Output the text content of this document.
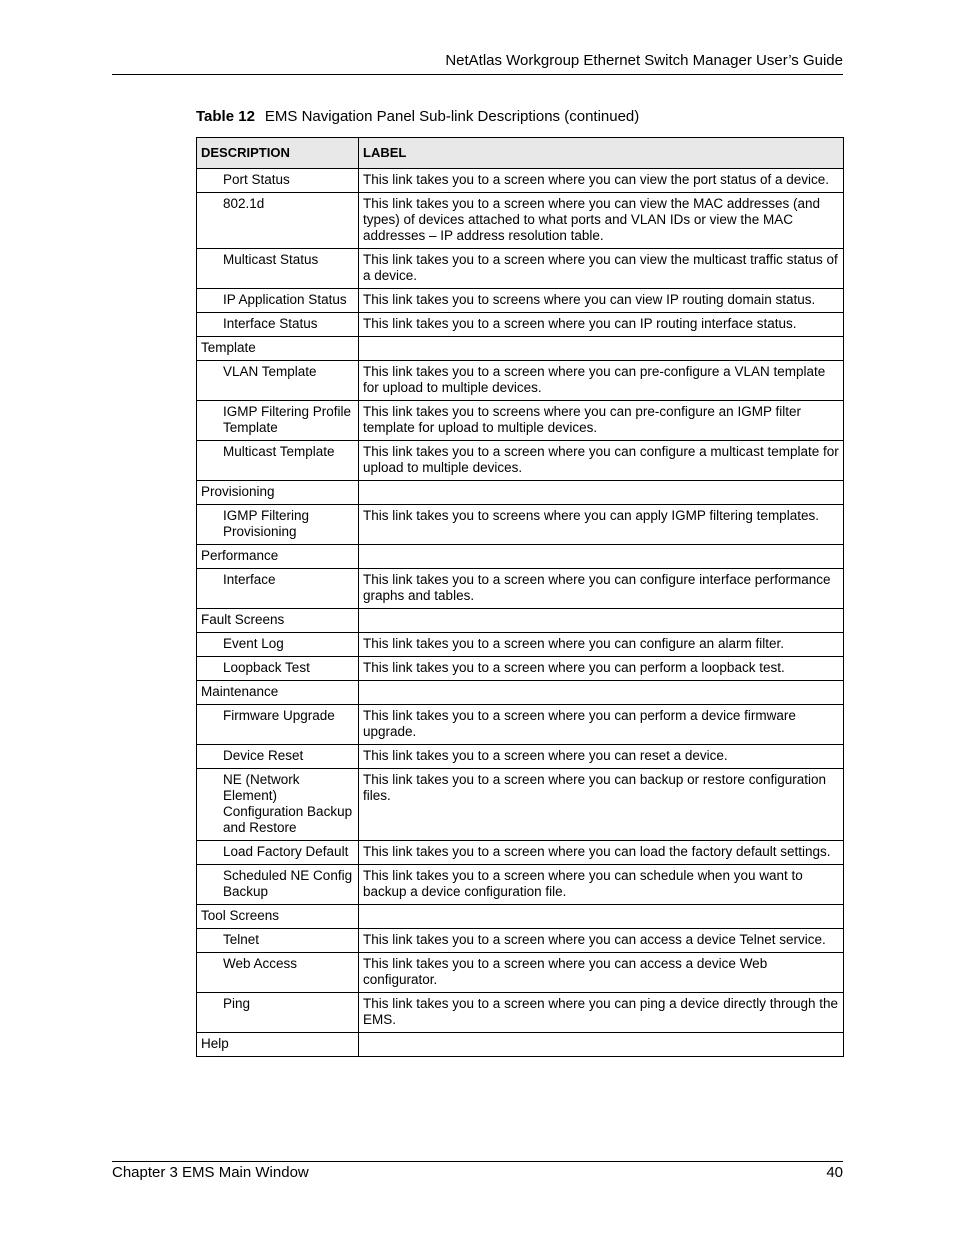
NetAtlas Workgroup Ethernet Switch Manager User’s Guide
Table 12 EMS Navigation Panel Sub-link Descriptions (continued)
DESCRIPTION	LABEL
Port Status	This link takes you to a screen where you can view the port status of a device.
802.1d	This link takes you to a screen where you can view the MAC addresses (and types) of devices attached to what ports and VLAN IDs or view the MAC addresses – IP address resolution table.
Multicast Status	This link takes you to a screen where you can view the multicast traffic status of a device.
IP Application Status	This link takes you to screens where you can view IP routing domain status.
Interface Status	This link takes you to a screen where you can IP routing interface status.
Template	
VLAN Template	This link takes you to a screen where you can pre-configure a VLAN template for upload to multiple devices.
IGMP Filtering Profile Template	This link takes you to screens where you can pre-configure an IGMP filter template for upload to multiple devices.
Multicast Template	This link takes you to a screen where you can configure a multicast template for upload to multiple devices.
Provisioning	
IGMP Filtering Provisioning	This link takes you to screens where you can apply IGMP filtering templates.
Performance	
Interface	This link takes you to a screen where you can configure interface performance graphs and tables.
Fault Screens	
Event Log	This link takes you to a screen where you can configure an alarm filter.
Loopback Test	This link takes you to a screen where you can perform a loopback test.
Maintenance	
Firmware Upgrade	This link takes you to a screen where you can perform a device firmware upgrade.
Device Reset	This link takes you to a screen where you can reset a device.
NE (Network Element) Configuration Backup and Restore	This link takes you to a screen where you can backup or restore configuration files.
Load Factory Default	This link takes you to a screen where you can load the factory default settings.
Scheduled NE Config Backup	This link takes you to a screen where you can schedule when you want to backup a device configuration file.
Tool Screens	
Telnet	This link takes you to a screen where you can access a device Telnet service.
Web Access	This link takes you to a screen where you can access a device Web configurator.
Ping	This link takes you to a screen where you can ping a device directly through the EMS.
Help	
Chapter 3 EMS Main Window	40
